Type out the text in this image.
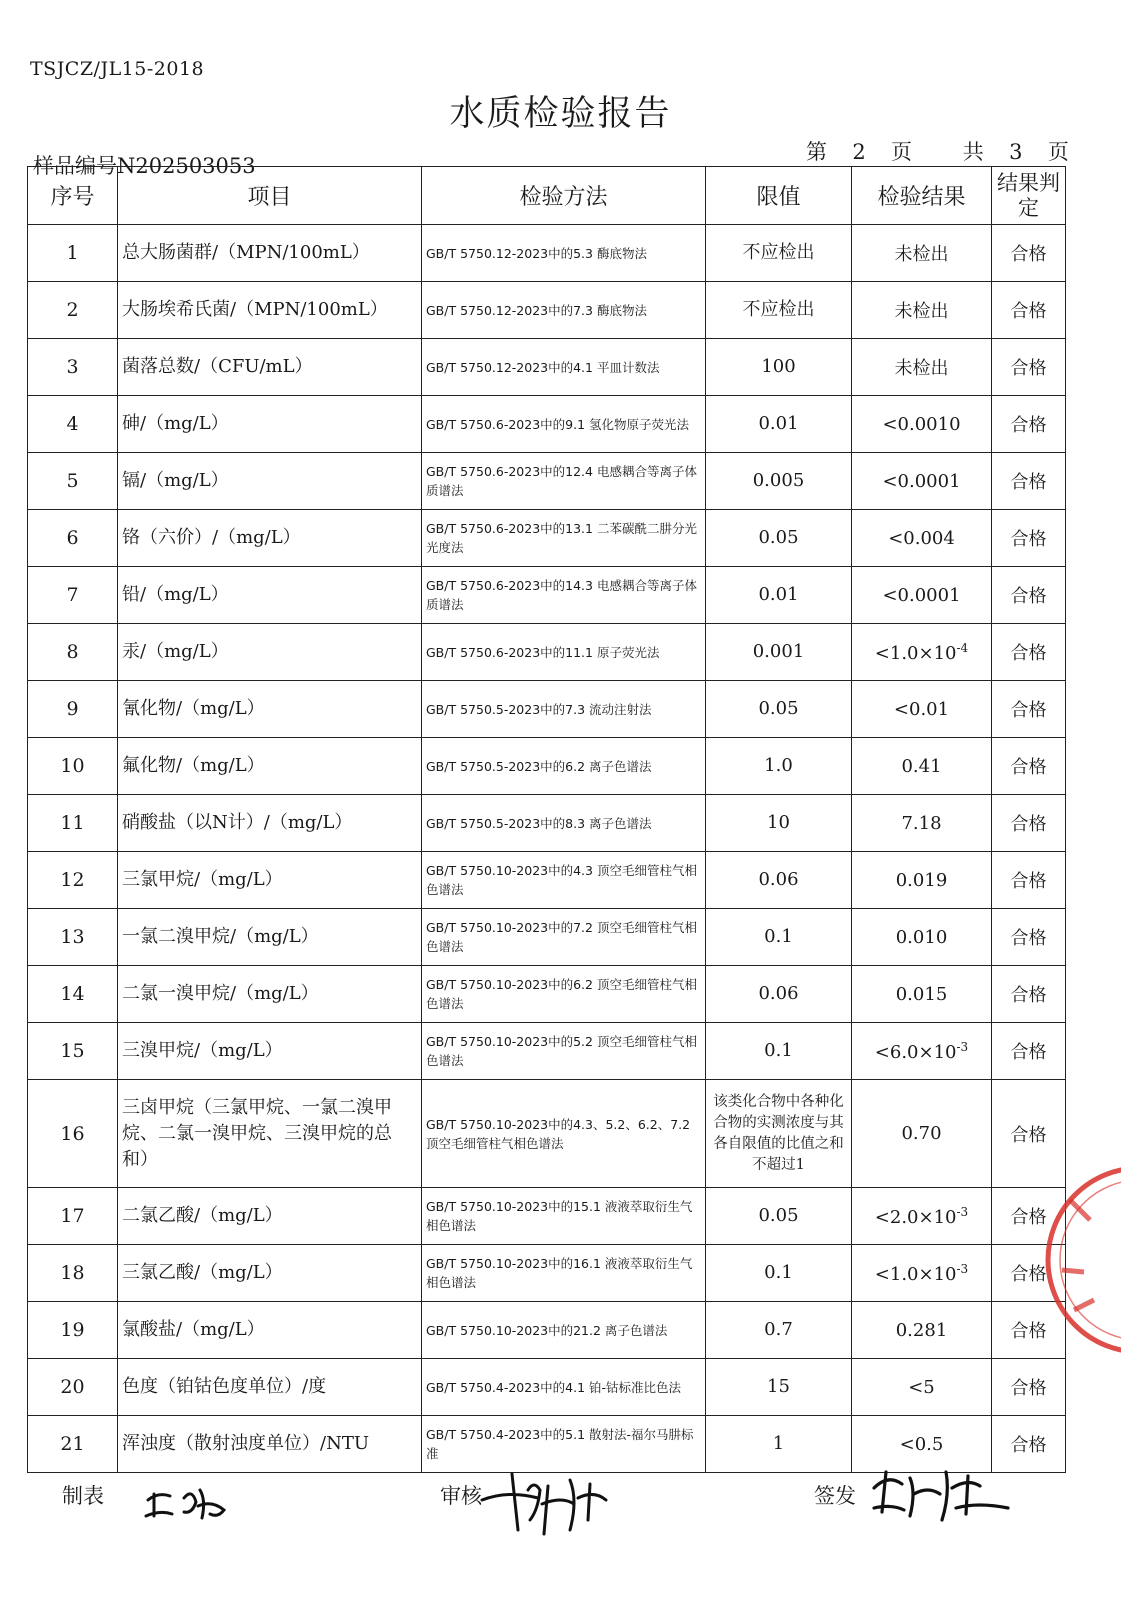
TSJCZ/JL15-2018
水质检验报告
样品编号N202503053
第  2  页    共  3  页
序号	项目	检验方法	限值	检验结果	结果判定
1	总大肠菌群/（MPN/100mL）	GB/T 5750.12-2023中的5.3 酶底物法	不应检出	未检出	合格
2	大肠埃希氏菌/（MPN/100mL）	GB/T 5750.12-2023中的7.3 酶底物法	不应检出	未检出	合格
3	菌落总数/（CFU/mL）	GB/T 5750.12-2023中的4.1 平皿计数法	100	未检出	合格
4	砷/（mg/L）	GB/T 5750.6-2023中的9.1 氢化物原子荧光法	0.01	<0.0010	合格
5	镉/（mg/L）	GB/T 5750.6-2023中的12.4 电感耦合等离子体质谱法	0.005	<0.0001	合格
6	铬（六价）/（mg/L）	GB/T 5750.6-2023中的13.1 二苯碳酰二肼分光光度法	0.05	<0.004	合格
7	铅/（mg/L）	GB/T 5750.6-2023中的14.3 电感耦合等离子体质谱法	0.01	<0.0001	合格
8	汞/（mg/L）	GB/T 5750.6-2023中的11.1 原子荧光法	0.001	$<1.0\times 10^{-4}$	合格
9	氰化物/（mg/L）	GB/T 5750.5-2023中的7.3 流动注射法	0.05	<0.01	合格
10	氟化物/（mg/L）	GB/T 5750.5-2023中的6.2 离子色谱法	1.0	0.41	合格
11	硝酸盐（以N计）/（mg/L）	GB/T 5750.5-2023中的8.3 离子色谱法	10	7.18	合格
12	三氯甲烷/（mg/L）	GB/T 5750.10-2023中的4.3 顶空毛细管柱气相色谱法	0.06	0.019	合格
13	一氯二溴甲烷/（mg/L）	GB/T 5750.10-2023中的7.2 顶空毛细管柱气相色谱法	0.1	0.010	合格
14	二氯一溴甲烷/（mg/L）	GB/T 5750.10-2023中的6.2 顶空毛细管柱气相色谱法	0.06	0.015	合格
15	三溴甲烷/（mg/L）	GB/T 5750.10-2023中的5.2 顶空毛细管柱气相色谱法	0.1	$<6.0\times 10^{-3}$	合格
16	三卤甲烷（三氯甲烷、一氯二溴甲烷、二氯一溴甲烷、三溴甲烷的总和）	GB/T 5750.10-2023中的4.3、5.2、6.2、7.2 顶空毛细管柱气相色谱法	该类化合物中各种化合物的实测浓度与其各自限值的比值之和不超过1	0.70	合格
17	二氯乙酸/（mg/L）	GB/T 5750.10-2023中的15.1 液液萃取衍生气相色谱法	0.05	$<2.0\times 10^{-3}$	合格
18	三氯乙酸/（mg/L）	GB/T 5750.10-2023中的16.1 液液萃取衍生气相色谱法	0.1	$<1.0\times 10^{-3}$	合格
19	氯酸盐/（mg/L）	GB/T 5750.10-2023中的21.2 离子色谱法	0.7	0.281	合格
20	色度（铂钴色度单位）/度	GB/T 5750.4-2023中的4.1 铂-钴标准比色法	15	<5	合格
21	浑浊度（散射浊度单位）/NTU	GB/T 5750.4-2023中的5.1 散射法-福尔马肼标准	1	<0.5	合格
制表	审核	签发
